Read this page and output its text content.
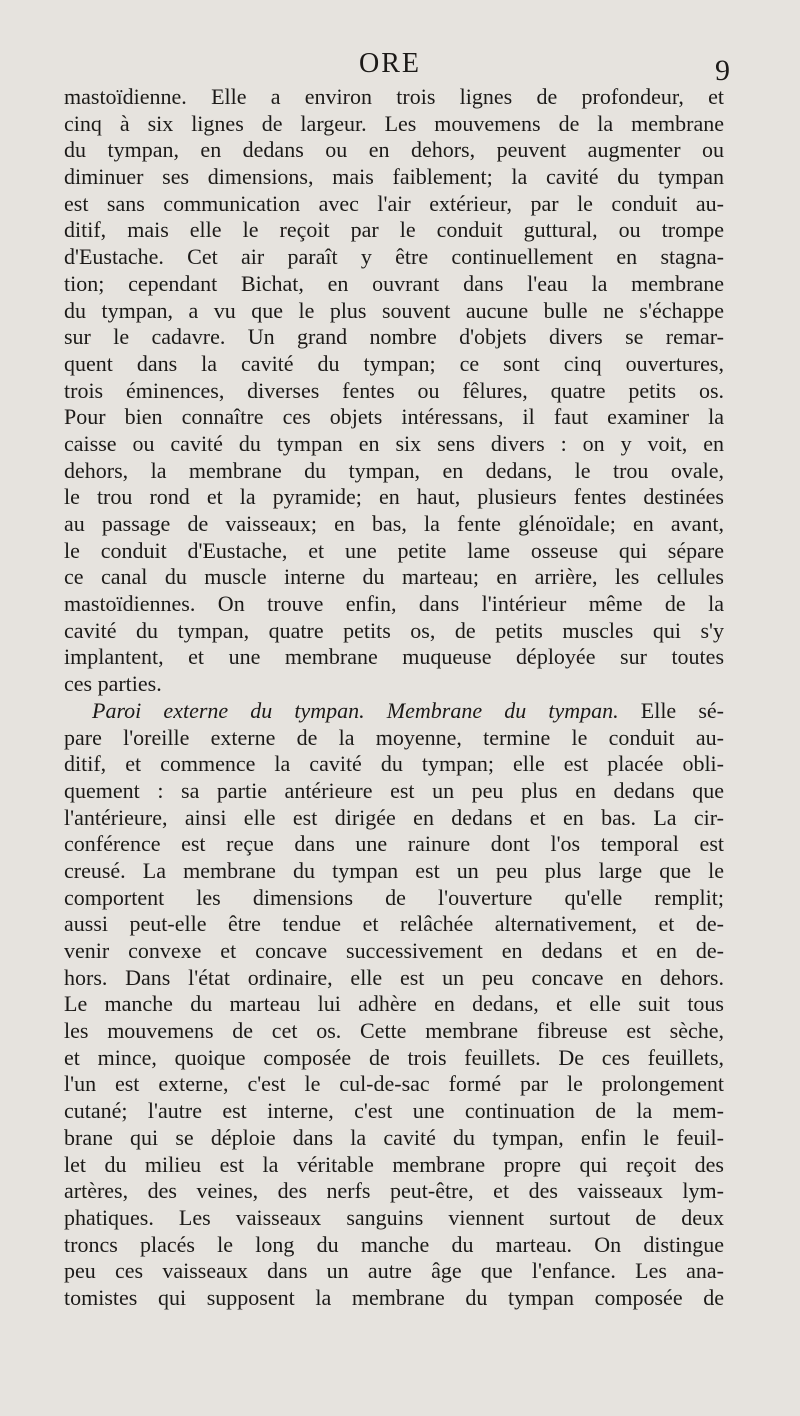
ORE	9
mastoïdienne. Elle a environ trois lignes de profondeur, et
cinq à six lignes de largeur. Les mouvemens de la membrane
du tympan, en dedans ou en dehors, peuvent augmenter ou
diminuer ses dimensions, mais faiblement; la cavité du tympan
est sans communication avec l'air extérieur, par le conduit au-
ditif, mais elle le reçoit par le conduit guttural, ou trompe
d'Eustache. Cet air paraît y être continuellement en stagna-
tion; cependant Bichat, en ouvrant dans l'eau la membrane
du tympan, a vu que le plus souvent aucune bulle ne s'échappe
sur le cadavre. Un grand nombre d'objets divers se remar-
quent dans la cavité du tympan; ce sont cinq ouvertures,
trois éminences, diverses fentes ou fêlures, quatre petits os.
Pour bien connaître ces objets intéressans, il faut examiner la
caisse ou cavité du tympan en six sens divers : on y voit, en
dehors, la membrane du tympan, en dedans, le trou ovale,
le trou rond et la pyramide; en haut, plusieurs fentes destinées
au passage de vaisseaux; en bas, la fente glénoïdale; en avant,
le conduit d'Eustache, et une petite lame osseuse qui sépare
ce canal du muscle interne du marteau; en arrière, les cellules
mastoïdiennes. On trouve enfin, dans l'intérieur même de la
cavité du tympan, quatre petits os, de petits muscles qui s'y
implantent, et une membrane muqueuse déployée sur toutes
ces parties.
Paroi externe du tympan. Membrane du tympan. Elle sé-
pare l'oreille externe de la moyenne, termine le conduit au-
ditif, et commence la cavité du tympan; elle est placée obli-
quement : sa partie antérieure est un peu plus en dedans que
l'antérieure, ainsi elle est dirigée en dedans et en bas. La cir-
conférence est reçue dans une rainure dont l'os temporal est
creusé. La membrane du tympan est un peu plus large que le
comportent les dimensions de l'ouverture qu'elle remplit;
aussi peut-elle être tendue et relâchée alternativement, et de-
venir convexe et concave successivement en dedans et en de-
hors. Dans l'état ordinaire, elle est un peu concave en dehors.
Le manche du marteau lui adhère en dedans, et elle suit tous
les mouvemens de cet os. Cette membrane fibreuse est sèche,
et mince, quoique composée de trois feuillets. De ces feuillets,
l'un est externe, c'est le cul-de-sac formé par le prolongement
cutané; l'autre est interne, c'est une continuation de la mem-
brane qui se déploie dans la cavité du tympan, enfin le feuil-
let du milieu est la véritable membrane propre qui reçoit des
artères, des veines, des nerfs peut-être, et des vaisseaux lym-
phatiques. Les vaisseaux sanguins viennent surtout de deux
troncs placés le long du manche du marteau. On distingue
peu ces vaisseaux dans un autre âge que l'enfance. Les ana-
tomistes qui supposent la membrane du tympan composée de
